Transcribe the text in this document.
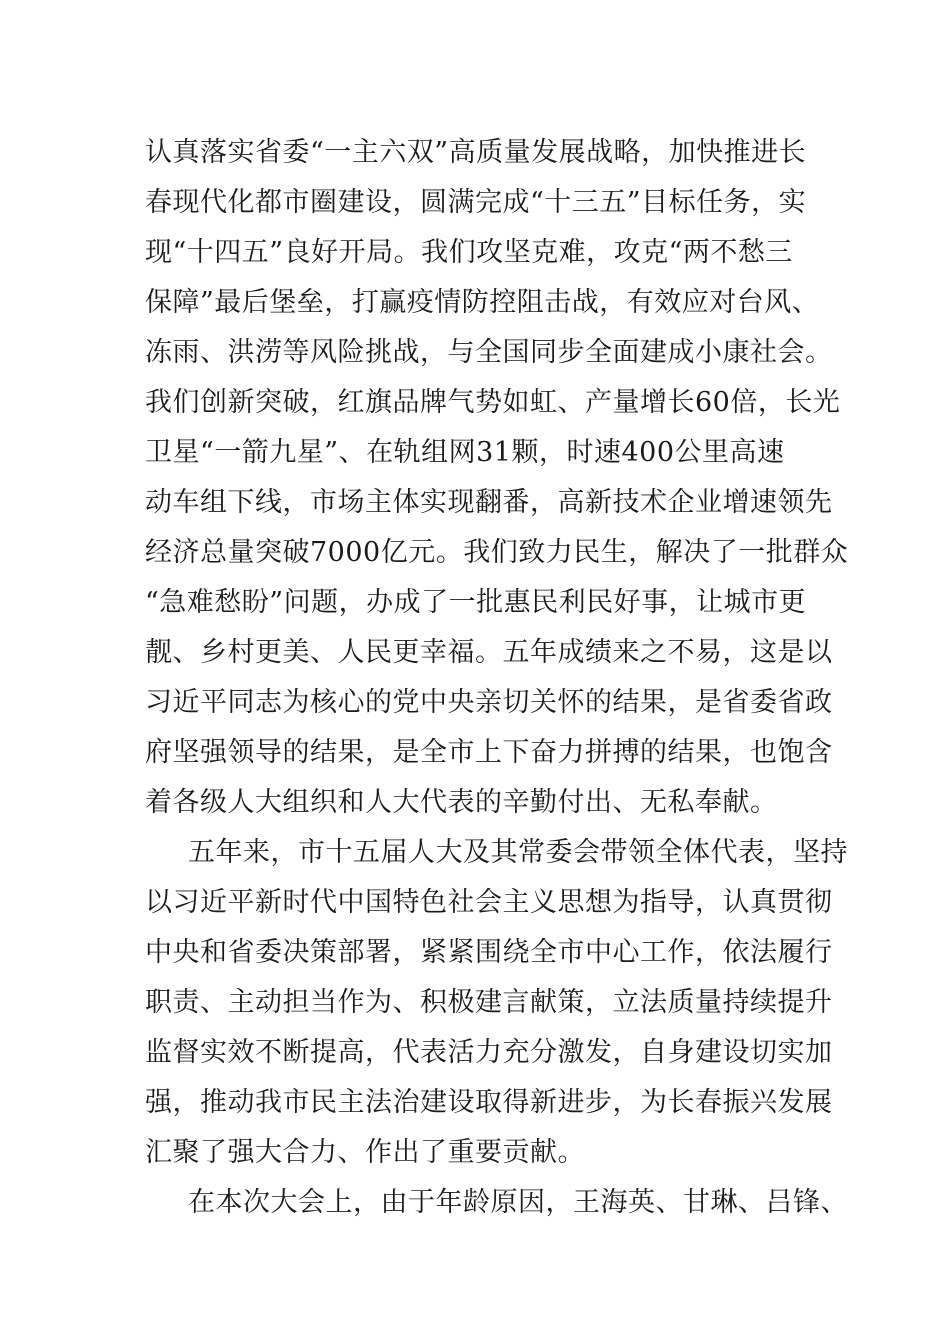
认真落实省委“一主六双”高质量发展战略，加快推进长
春现代化都市圈建设，圆满完成“十三五”目标任务，实
现“十四五”良好开局。我们攻坚克难，攻克“两不愁三
保障”最后堡垒，打赢疫情防控阻击战，有效应对台风、
冻雨、洪涝等风险挑战，与全国同步全面建成小康社会。
我们创新突破，红旗品牌气势如虹、产量增长60倍，长光
卫星“一箭九星”、在轨组网31颗，时速400公里高速
动车组下线，市场主体实现翻番，高新技术企业增速领先
经济总量突破7000亿元。我们致力民生，解决了一批群众
“急难愁盼”问题，办成了一批惠民利民好事，让城市更
靓、乡村更美、人民更幸福。五年成绩来之不易，这是以
习近平同志为核心的党中央亲切关怀的结果，是省委省政
府坚强领导的结果，是全市上下奋力拼搏的结果，也饱含
着各级人大组织和人大代表的辛勤付出、无私奉献。
五年来，市十五届人大及其常委会带领全体代表，坚持
以习近平新时代中国特色社会主义思想为指导，认真贯彻
中央和省委决策部署，紧紧围绕全市中心工作，依法履行
职责、主动担当作为、积极建言献策，立法质量持续提升
监督实效不断提高，代表活力充分激发，自身建设切实加
强，推动我市民主法治建设取得新进步，为长春振兴发展
汇聚了强大合力、作出了重要贡献。
在本次大会上，由于年龄原因，王海英、甘琳、吕锋、
